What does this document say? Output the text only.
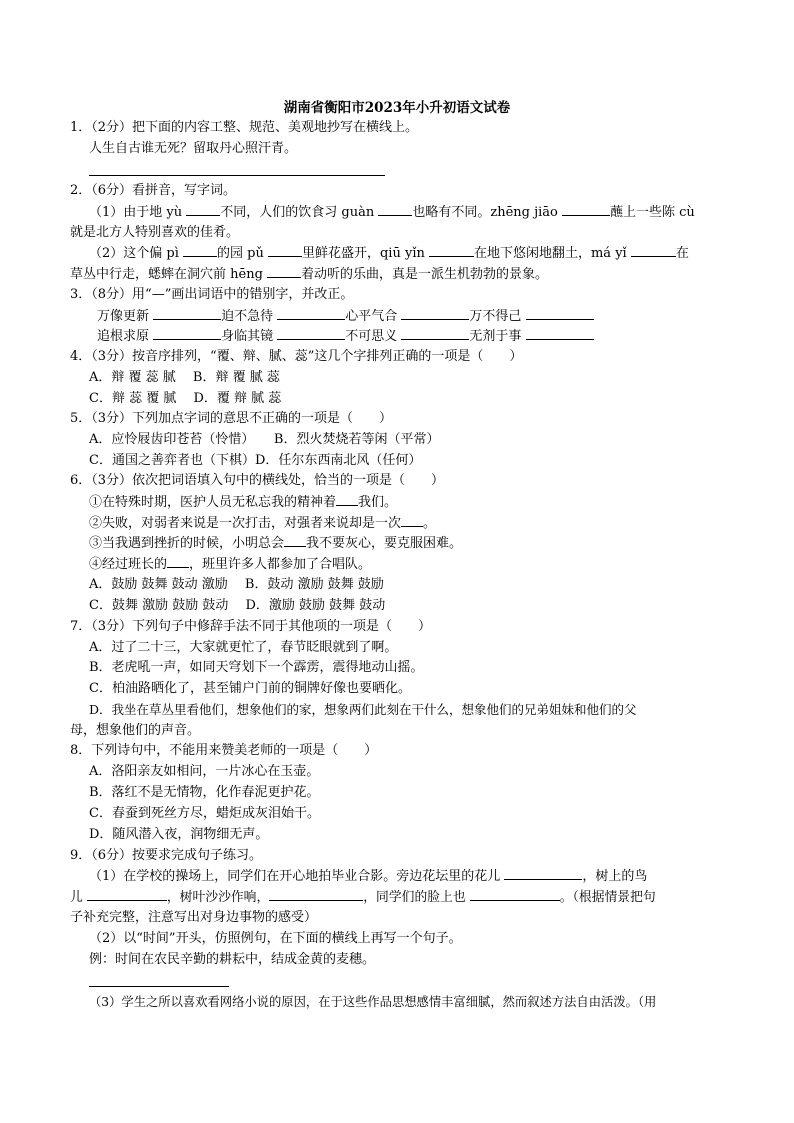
湖南省衡阳市2023年小升初语文试卷
1．（2分）把下面的内容工整、规范、美观地抄写在横线上。
人生自古谁无死？留取丹心照汗青。
2．（6分）看拼音，写字词。
（1）由于地 yù	不同，人们的饮食习 guàn	也略有不同。zhēng jiāo	蘸上一些陈 cù
就是北方人特别喜欢的佳肴。
（2）这个偏 pì	的园 pǔ	里鲜花盛开，qiū yǐn	在地下悠闲地翻土，má yǐ	在
草丛中行走，蟋蟀在洞穴前 hēng	着动听的乐曲，真是一派生机勃勃的景象。
3．（8分）用“—”画出词语中的错别字，并改正。
万像更新	迫不急待	心平气合	万不得己
追根求原	身临其镜	不可思义	无剂于事
4．（3分）按音序排列，“覆、辩、腻、蕊”这几个字排列正确的一项是（　　）
A．辩 覆 蕊 腻　 B．辩 覆 腻 蕊
C．辩 蕊 覆 腻　 D．覆 辩 腻 蕊
5．（3分）下列加点字词的意思不正确的一项是（　　）
A．应怜屐齿印苍苔（怜惜）　　B．烈火焚烧若等闲（平常）
C．通国之善弈者也（下棋）D．任尔东西南北风（任何）
6．（3分）依次把词语填入句中的横线处，恰当的一项是（　　）
①在特殊时期，医护人员无私忘我的精神着 我们。
②失败，对弱者来说是一次打击，对强者来说却是一次 。
③当我遇到挫折的时候，小明总会 我不要灰心，要克服困难。
④经过班长的 ，班里许多人都参加了合唱队。
A．鼓励 鼓舞 鼓动 激励　 B．鼓动 激励 鼓舞 鼓励
C．鼓舞 激励 鼓励 鼓动　 D．激励 鼓励 鼓舞 鼓动
7．（3分）下列句子中修辞手法不同于其他项的一项是（　　）
A．过了二十三，大家就更忙了，春节眨眼就到了啊。
B．老虎吼一声，如同天穹划下一个霹雳，震得地动山摇。
C．柏油路晒化了，甚至铺户门前的铜牌好像也要晒化。
D．我坐在草丛里看他们，想象他们的家，想象两们此刻在干什么，想象他们的兄弟姐妹和他们的父
母，想象他们的声音。
8．下列诗句中，不能用来赞美老师的一项是（　　）
A．洛阳亲友如相问，一片冰心在玉壶。
B．落红不是无情物，化作春泥更护花。
C．春蚕到死丝方尽，蜡炬成灰泪始干。
D．随风潜入夜，润物细无声。
9．（6分）按要求完成句子练习。
（1）在学校的操场上，同学们在开心地拍毕业合影。旁边花坛里的花儿	，树上的鸟
儿	，树叶沙沙作响，	，同学们的脸上也	。（根据情景把句
子补充完整，注意写出对身边事物的感受）
（2）以“时间”开头，仿照例句，在下面的横线上再写一个句子。
例：时间在农民辛勤的耕耘中，结成金黄的麦穗。
（3）学生之所以喜欢看网络小说的原因，在于这些作品思想感情丰富细腻，然而叙述方法自由活泼。（用
